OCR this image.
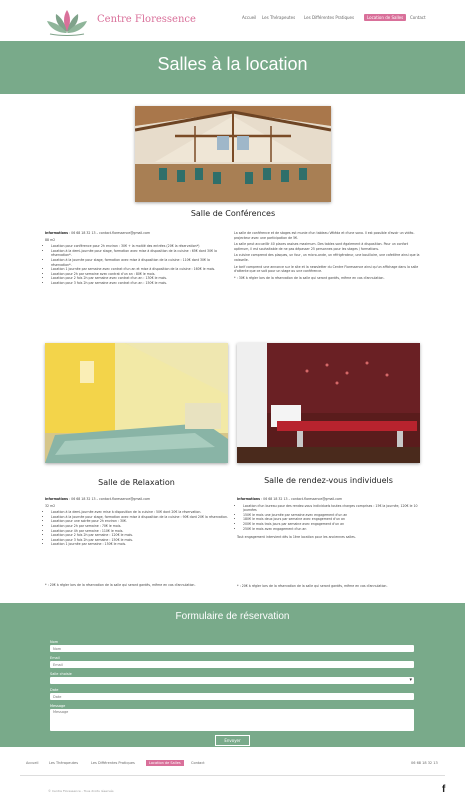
Centre Floressence	Accueil Les Thérapeutes Les Différentes Pratiques	Location de Salles	Contact
Salles à la location
Salle de Conférences

Informations : 06 68 18 32 13 – contact.floressence@gmail.com

88 m2

• Location pour conférence pour 2h environ : 30€ + la moitié des entrées (20€ la réservation*)
• Location à la demi-journée pour stage, formation avec mise à disposition de la cuisine : 65€ dont 30€ la réservation*.
• Location à la journée pour stage, formation avec mise à disposition de la cuisine : 110€ dont 30€ la réservation*.
• Location 1 journée par semaine avec contrat d'un an et mise à disposition de la cuisine : 160€ le mois.
• Location pour 2h par semaine avec contrat d'un an : 80€ le mois.
• Location pour 2 fois 2h par semaine avec contrat d'un an : 130€ le mois.
• Location pour 3 fois 2h par semaine avec contrat d'un an : 150€ le mois.

La salle de conférence et de stages est munie d'un tableau Véléda et d'une sono. Il est possible d'avoir un vidéo-projecteur avec une participation de 5€.

La salle peut accueillir 40 places assises maximum. Des tables sont également à disposition. Pour un confort optimum, il est souhaitable de ne pas dépasser 25 personnes pour les stages / formations.

La cuisine comprend des plaques, un four, un micro-onde, un réfrigérateur, une bouilloire, une cafetière ainsi que la vaisselle.

Le tarif comprend une annonce sur le site et la newsletter du Centre Floressence ainsi qu'un affichage dans la salle d'attente que ce soit pour un stage ou une conférence.

* : 30€ à régler lors de la réservation de la salle qui seront gardés, même en cas d'annulation.

Salle de Relaxation

Informations : 06 68 18 32 13 – contact.floressence@gmail.com

32 m2

• Location à la demi-journée avec mise à disposition de la cuisine : 50€ dont 20€ la réservation.
• Location à la journée pour stage, formation avec mise à disposition de la cuisine : 90€ dont 20€ la réservation.
• Location pour une soirée pour 2h environ : 30€.
• Location pour 2h par semaine : 70€ le mois.
• Location pour 4h par semaine : 110€ le mois.
• Location pour 2 fois 2h par semaine : 120€ le mois.
• Location pour 3 fois 2h par semaine : 150€ le mois.
• Location 1 journée par semaine : 150€ le mois.
* : 20€ à régler lors de la réservation de la salle qui seront gardés, même en cas d'annulation.
Salle de rendez-vous individuels

Informations : 06 68 18 32 13 – contact.floressence@gmail.com

• Location d'un bureau pour des rendez-vous individuels toutes charges comprises : 15€ la journée, 120€ le 10 journées
• 150€ le mois une journée par semaine avec engagement d'un an
• 180€ le mois deux jours par semaine avec engagement d'un an
• 200€ le mois trois jours par semaine avec engagement d'un an
• 250€ le mois avec engagement d'un an

Tout engagement intervient dès la 1ère location pour les anciennes salles.

* : 20€ à régler lors de la réservation de la salle qui seront gardés, même en cas d'annulation.
Formulaire de réservation
Nom
Nom
Email
Email
Salle choisie
▾
Date
Date
Message
Message
Envoyer
Accueil	Les Thérapeutes	Les Différentes Pratiques	Location de Salles	Contact	06 68 18 32 13
© Centre Floressence - Tous droits réservés	f
